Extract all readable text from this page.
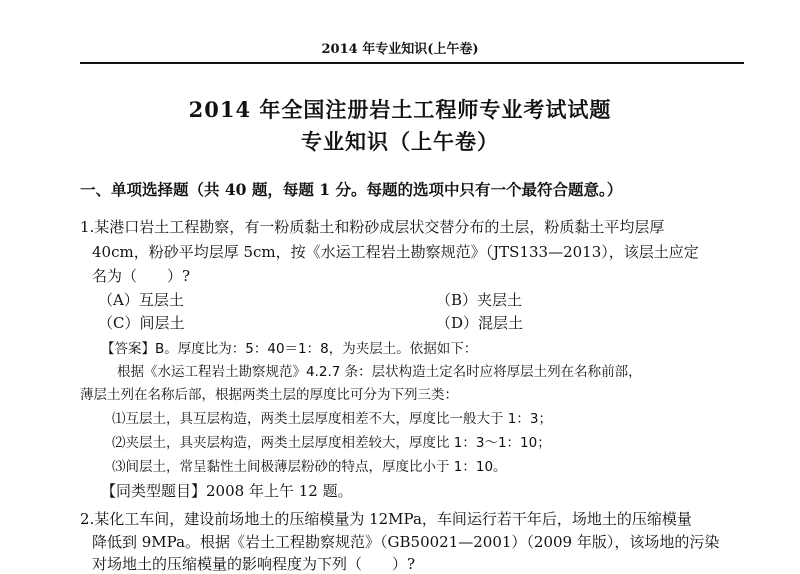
2014 年专业知识(上午卷)
2014 年全国注册岩土工程师专业考试试题
专业知识（上午卷）
一、单项选择题（共 40 题，每题 1 分。每题的选项中只有一个最符合题意。）
1.某港口岩土工程勘察，有一粉质黏土和粉砂成层状交替分布的土层，粉质黏土平均层厚
40cm，粉砂平均层厚 5cm，按《水运工程岩土勘察规范》（JTS133—2013），该层土应定
名为（　　）?
（A）互层土	（B）夹层土
（C）间层土	（D）混层土
【答案】B。厚度比为：5：40＝1：8，为夹层土。依据如下：
根据《水运工程岩土勘察规范》4.2.7 条：层状构造土定名时应将厚层土列在名称前部，
薄层土列在名称后部，根据两类土层的厚度比可分为下列三类：
⑴互层土，具互层构造，两类土层厚度相差不大，厚度比一般大于 1：3；
⑵夹层土，具夹层构造，两类土层厚度相差较大，厚度比 1：3～1：10；
⑶间层土，常呈黏性土间极薄层粉砂的特点，厚度比小于 1：10。
【同类型题目】2008 年上午 12 题。
2.某化工车间，建设前场地土的压缩模量为 12MPa，车间运行若干年后，场地土的压缩模量
降低到 9MPa。根据《岩土工程勘察规范》（GB50021—2001）（2009 年版），该场地的污染
对场地土的压缩模量的影响程度为下列（　　）?
